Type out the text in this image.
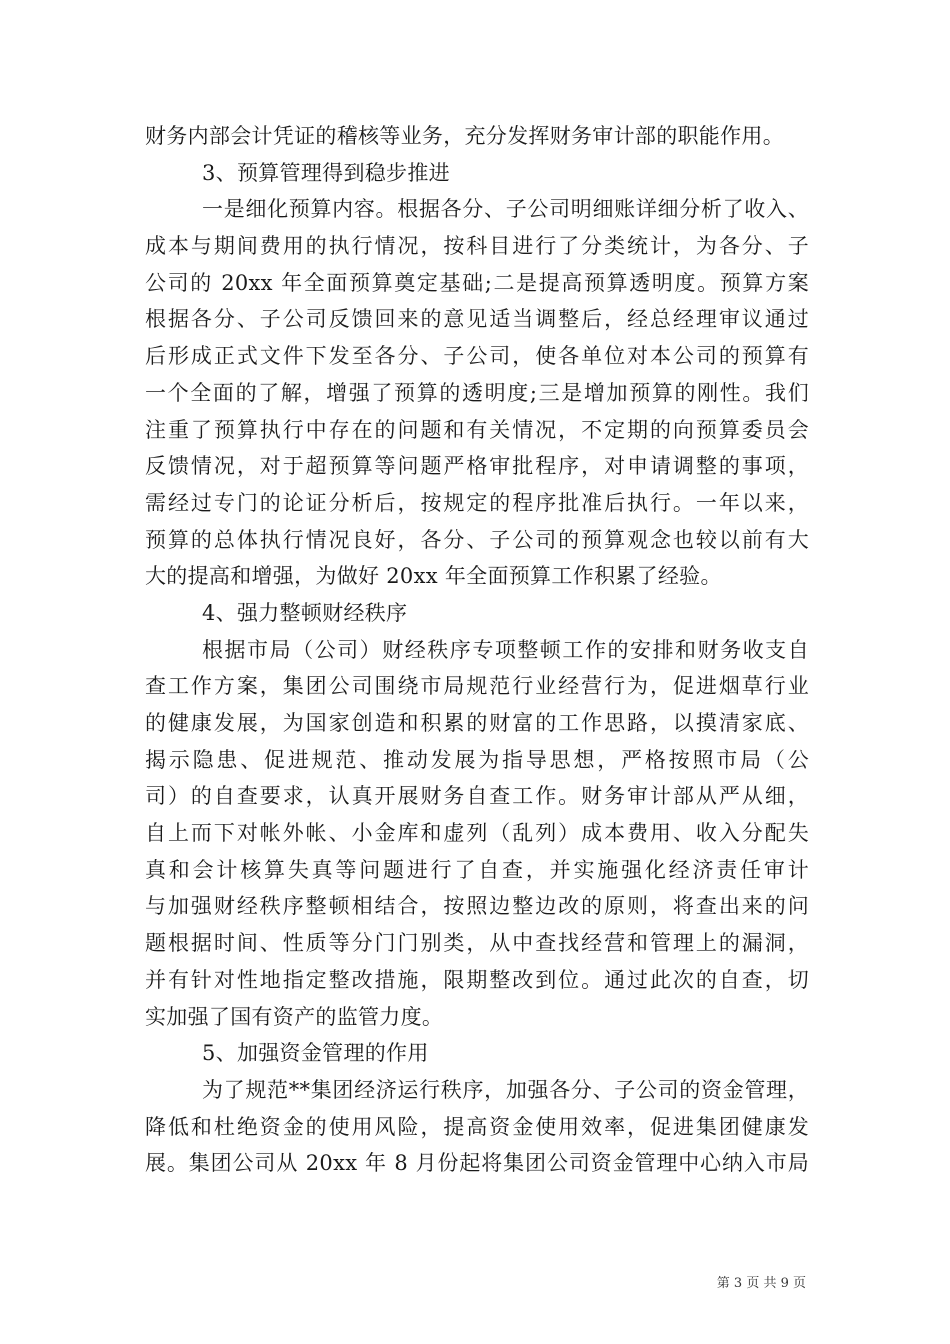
财务内部会计凭证的稽核等业务，充分发挥财务审计部的职能作用。
3、预算管理得到稳步推进
一是细化预算内容。根据各分、子公司明细账详细分析了收入、
成本与期间费用的执行情况，按科目进行了分类统计，为各分、子
公司的 20xx 年全面预算奠定基础;二是提高预算透明度。预算方案
根据各分、子公司反馈回来的意见适当调整后，经总经理审议通过
后形成正式文件下发至各分、子公司，使各单位对本公司的预算有
一个全面的了解，增强了预算的透明度;三是增加预算的刚性。我们
注重了预算执行中存在的问题和有关情况，不定期的向预算委员会
反馈情况，对于超预算等问题严格审批程序，对申请调整的事项，
需经过专门的论证分析后，按规定的程序批准后执行。一年以来，
预算的总体执行情况良好，各分、子公司的预算观念也较以前有大
大的提高和增强，为做好 20xx 年全面预算工作积累了经验。
4、强力整顿财经秩序
根据市局（公司）财经秩序专项整顿工作的安排和财务收支自
查工作方案，集团公司围绕市局规范行业经营行为，促进烟草行业
的健康发展，为国家创造和积累的财富的工作思路，以摸清家底、
揭示隐患、促进规范、推动发展为指导思想，严格按照市局（公
司）的自查要求，认真开展财务自查工作。财务审计部从严从细，
自上而下对帐外帐、小金库和虚列（乱列）成本费用、收入分配失
真和会计核算失真等问题进行了自查，并实施强化经济责任审计
与加强财经秩序整顿相结合，按照边整边改的原则，将查出来的问
题根据时间、性质等分门门别类，从中查找经营和管理上的漏洞，
并有针对性地指定整改措施，限期整改到位。通过此次的自查，切
实加强了国有资产的监管力度。
5、加强资金管理的作用
为了规范**集团经济运行秩序，加强各分、子公司的资金管理，
降低和杜绝资金的使用风险，提高资金使用效率，促进集团健康发
展。集团公司从 20xx 年 8 月份起将集团公司资金管理中心纳入市局
第 3 页 共 9 页
